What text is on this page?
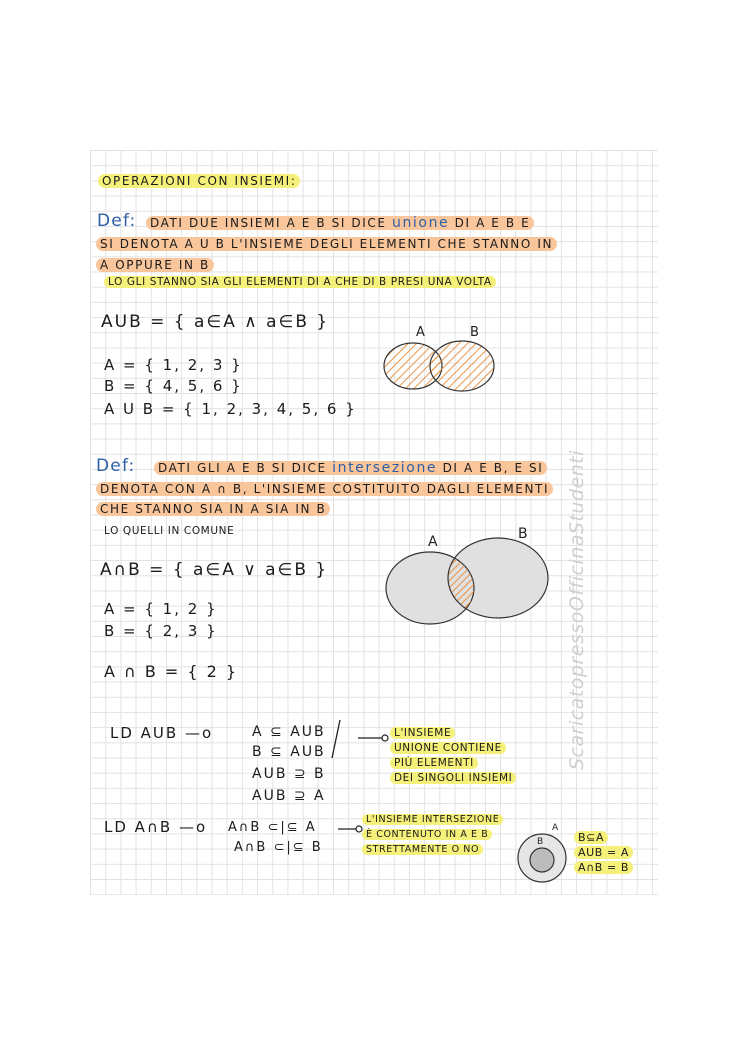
OPERAZIONI CON INSIEMI:
Def:	DATI DUE INSIEMI A E B SI DICE unione DI A E B E
SI DENOTA A U B L'INSIEME DEGLI ELEMENTI CHE STANNO IN
A OPPURE IN B
LO GLI STANNO SIA GLI ELEMENTI DI A CHE DI B PRESI UNA VOLTA
AUB = { a∈A ∧ a∈B }
A = { 1, 2, 3 }
B = { 4, 5, 6 }
A U B = { 1, 2, 3, 4, 5, 6 }
A	B
Def:	DATI GLI A E B SI DICE intersezione DI A E B, E SI
DENOTA CON A ∩ B, L'INSIEME COSTITUITO DAGLI ELEMENTI
CHE STANNO SIA IN A SIA IN B
LO QUELLI IN COMUNE
A∩B = { a∈A ∨ a∈B }
A = { 1, 2 }
B = { 2, 3 }
A ∩ B = { 2 }
A	B
LD AUB —o	A ⊆ AUB
B ⊆ AUB
AUB ⊇ B
AUB ⊇ A
L'INSIEME
UNIONE CONTIENE
PIÙ ELEMENTI
DEI SINGOLI INSIEMI
LD A∩B —o A∩B ⊂|⊆ A
A∩B ⊂|⊆ B
L'INSIEME INTERSEZIONE
È CONTENUTO IN A E B
STRETTAMENTE O NO
A
B	B⊆A
AUB = A
A∩B = B
ScaricatopressoOfficinaStudenti
